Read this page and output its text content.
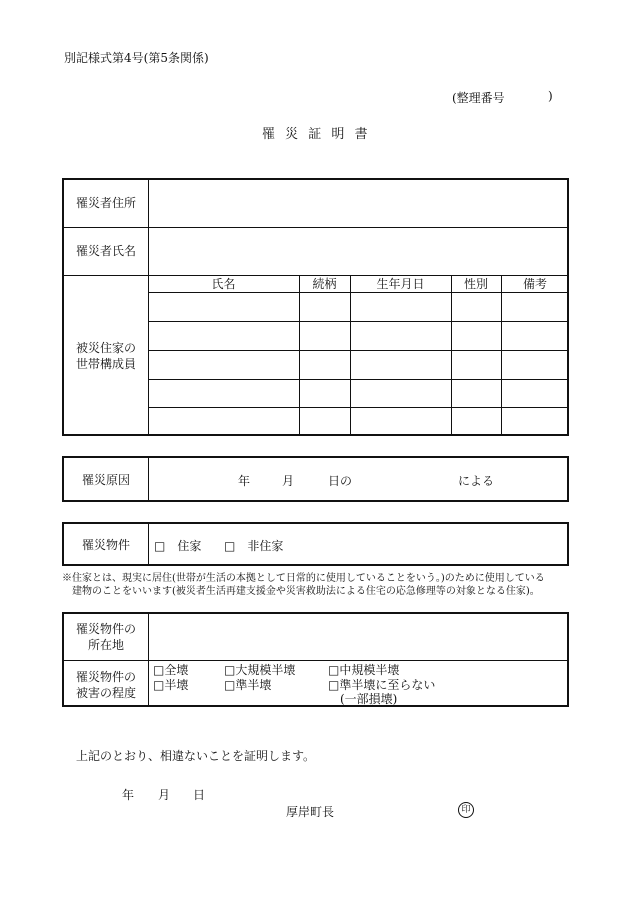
別記様式第4号(第5条関係)
(整理番号	)
罹 災 証 明 書
罹災者住所
罹災者氏名
被災住家の
世帯構成員
氏名	続柄	生年月日	性別	備考
罹災原因	年	月	日の	による
罹災物件	□　住家 □　非住家
※住家とは、現実に居住(世帯が生活の本拠として日常的に使用していることをいう。)のために使用している
建物のことをいいます(被災者生活再建支援金や災害救助法による住宅の応急修理等の対象となる住家)。
罹災物件の
所在地
罹災物件の
被害の程度
□全壊	□大規模半壊	□中規模半壊
□半壊	□準半壊	□準半壊に至らない
(一部損壊)
上記のとおり、相違ないことを証明します。
年 月 日
厚岸町長	印
